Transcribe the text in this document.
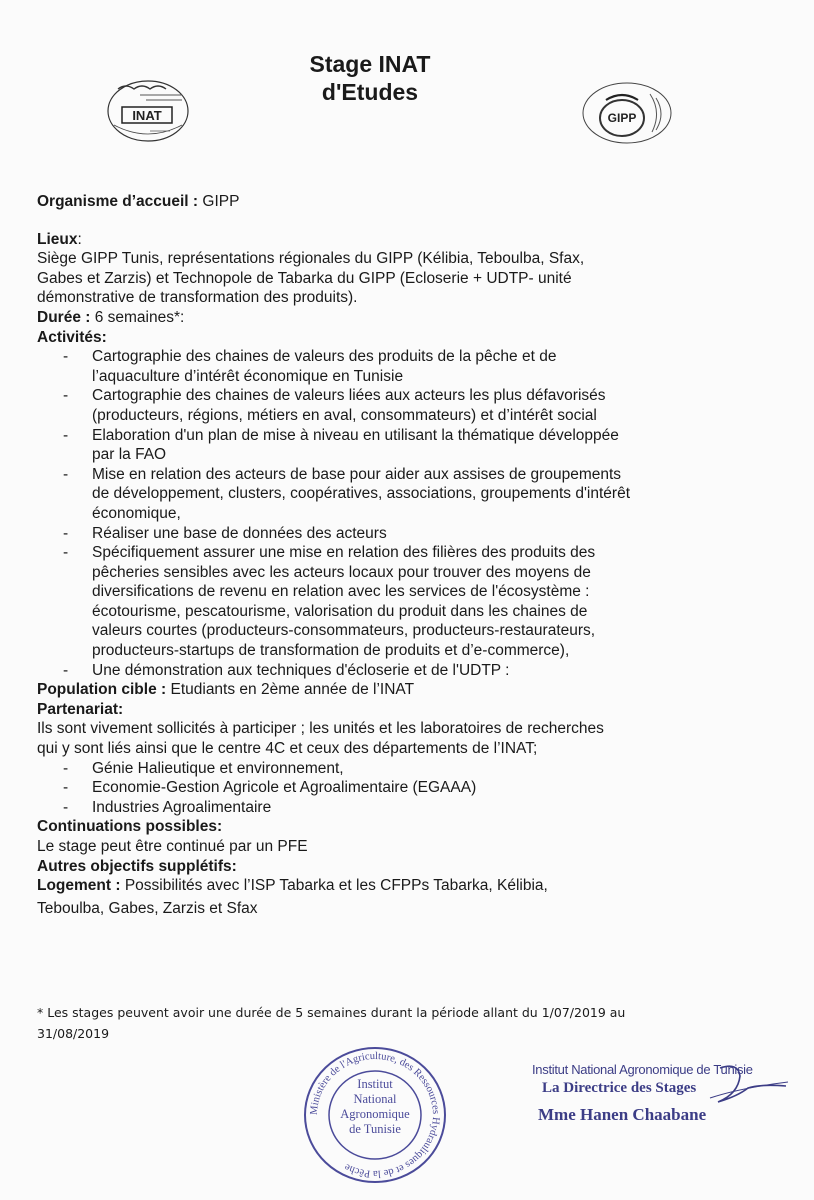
INAT
Stage INAT
d'Etudes
GIPP
Organisme d’accueil : GIPP
Lieux:
Siège GIPP Tunis, représentations régionales du GIPP (Kélibia, Teboulba, Sfax,
Gabes et Zarzis) et Technopole de Tabarka du GIPP (Ecloserie + UDTP- unité
démonstrative de transformation des produits).
Durée : 6 semaines*:
Activités:
- Cartographie des chaines de valeurs des produits de la pêche et de
l’aquaculture d’intérêt économique en Tunisie
- Cartographie des chaines de valeurs liées aux acteurs les plus défavorisés
(producteurs, régions, métiers en aval, consommateurs) et d’intérêt social
- Elaboration d'un plan de mise à niveau en utilisant la thématique développée
par la FAO
- Mise en relation des acteurs de base pour aider aux assises de groupements
de développement, clusters, coopératives, associations, groupements d'intérêt
économique,
- Réaliser une base de données des acteurs
- Spécifiquement assurer une mise en relation des filières des produits des
pêcheries sensibles avec les acteurs locaux pour trouver des moyens de
diversifications de revenu en relation avec les services de l'écosystème :
écotourisme, pescatourisme, valorisation du produit dans les chaines de
valeurs courtes (producteurs-consommateurs, producteurs-restaurateurs,
producteurs-startups de transformation de produits et d’e-commerce),
- Une démonstration aux techniques d'écloserie et de l'UDTP :
Population cible : Etudiants en 2ème année de l’INAT
Partenariat:
Ils sont vivement sollicités à participer ; les unités et les laboratoires de recherches
qui y sont liés ainsi que le centre 4C et ceux des départements de l’INAT;
- Génie Halieutique et environnement,
- Economie-Gestion Agricole et Agroalimentaire (EGAAA)
- Industries Agroalimentaire
Continuations possibles:
Le stage peut être continué par un PFE
Autres objectifs supplétifs:
Logement : Possibilités avec l’ISP Tabarka et les CFPPs Tabarka, Kélibia,
Teboulba, Gabes, Zarzis et Sfax
* Les stages peuvent avoir une durée de 5 semaines durant la période allant du 1/07/2019 au
31/08/2019
Ministère de l'Agriculture, des Ressources Hydrauliques et de la Pêche
Institut
National
Agronomique
de Tunisie
Institut National Agronomique de Tunisie
La Directrice des Stages
Mme Hanen Chaabane
